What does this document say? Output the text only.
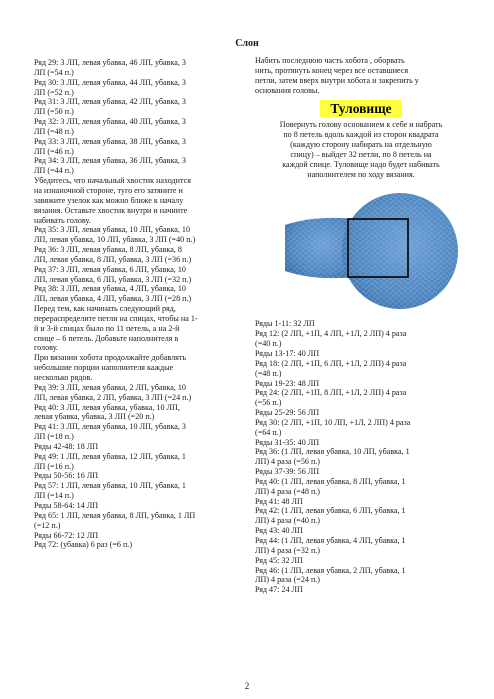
Слон

Ряд 29: 3 ЛП, левая убавка, 46 ЛП, убавка, 3

ЛП (=54 п.)

Ряд 30: 3 ЛП, левая убавка, 44 ЛП, убавка, 3

ЛП (=52 п.)

Ряд 31: 3 ЛП, левая убавка, 42 ЛП, убавка, 3

ЛП (=50 п.)

Ряд 32: 3 ЛП, левая убавка, 40 ЛП, убавка, 3

ЛП (=48 п.)

Ряд 33: 3 ЛП, левая убавка, 38 ЛП, убавка, 3

ЛП (=46 п.)

Ряд 34: 3 ЛП, левая убавка, 36 ЛП, убавка, 3

ЛП (=44 п.)

Убедитесь, что начальный хвостик находится

на изнаночной стороне, туго его затяните и

завяжите узелок как можно ближе к началу

вязания. Оставьте хвостик внутри и начните

набивать голову.

Ряд 35: 3 ЛП, левая убавка, 10 ЛП, убавка, 10

ЛП, левая убавка, 10 ЛП, убавка, 3 ЛП (=40 п.)

Ряд 36: 3 ЛП, левая убавка, 8 ЛП, убавка, 8

ЛП, левая убавка, 8 ЛП, убавка, 3 ЛП (=36 п.)

Ряд 37: 3 ЛП, левая убавка, 6 ЛП, убавка, 10

ЛП, левая убавка, 6 ЛП, убавка, 3 ЛП (=32 п.)

Ряд 38: 3 ЛП, левая убавка, 4 ЛП, убавка, 10

ЛП, левая убавка, 4 ЛП, убавка, 3 ЛП (=28 п.)

Перед тем, как начинать следующий ряд,

перераспределите петли на спицах, чтобы на 1-

й и 3-й спицах было по 11 петель, а на 2-й

спице – 6 петель. Добавьте наполнителя в

голову.

При вязании хобота продолжайте добавлять

небольшие порции наполнителя каждые

несколько рядов.

Ряд 39: 3 ЛП, левая убавка, 2 ЛП, убавка, 10

ЛП, левая убавка, 2 ЛП, убавка, 3 ЛП (=24 п.)

Ряд 40: 3 ЛП, левая убавка, убавка, 10 ЛП,

левая убавка, убавка, 3 ЛП (=20 п.)

Ряд 41: 3 ЛП, левая убавка, 10 ЛП, убавка, 3

ЛП (=18 п.)

Ряды 42-48: 18 ЛП

Ряд 49: 1 ЛП, левая убавка, 12 ЛП, убавка, 1

ЛП (=16 п.)

Ряды 50-56: 16 ЛП

Ряд 57: 1 ЛП, левая убавка, 10 ЛП, убавка, 1

ЛП (=14 п.)

Ряды 58-64: 14 ЛП

Ряд 65: 1 ЛП, левая убавка, 8 ЛП, убавка, 1 ЛП

(=12 п.)

Ряды 66-72: 12 ЛП

Ряд 72: (убавка) 6 раз (=6 п.)

Набить последнюю часть хобота , оборвать

нить, протянуть конец через все оставшиеся

петли, затем вверх внутри хобота и закрепить у

основания головы.

Туловище

Повернуть голову основанием к себе и набрать

по 8 петель вдоль каждой из сторон квадрата

(каждую сторону набирать на отдельную

спицу) – выйдет 32 петли, по 8 петель на

каждой спице. Туловище надо будет набивать

наполнителем по ходу вязания.

Ряды 1-11: 32 ЛП

Ряд 12: (2 ЛП, +1П, 4 ЛП, +1Л, 2 ЛП) 4 раза

(=40 п.)

Ряды 13-17: 40 ЛП

Ряд 18: (2 ЛП, +1П, 6 ЛП, +1Л, 2 ЛП) 4 раза

(=48 п.)

Ряды 19-23: 48 ЛП

Ряд 24: (2 ЛП, +1П, 8 ЛП, +1Л, 2 ЛП) 4 раза

(=56 п.)

Ряды 25-29: 56 ЛП

Ряд 30: (2 ЛП, +1П, 10 ЛП, +1Л, 2 ЛП) 4 раза

(=64 п.)

Ряды 31-35: 40 ЛП

Ряд 36: (1 ЛП, левая убавка, 10 ЛП, убавка, 1

ЛП) 4 раза (=56 п.)

Ряды 37-39: 56 ЛП

Ряд 40: (1 ЛП, левая убавка, 8 ЛП, убавка, 1

ЛП) 4 раза (=48 п.)

Ряд 41: 48 ЛП

Ряд 42: (1 ЛП, левая убавка, 6 ЛП, убавка, 1

ЛП) 4 раза (=40 п.)

Ряд 43: 40 ЛП

Ряд 44: (1 ЛП, левая убавка, 4 ЛП, убавка, 1

ЛП) 4 раза (=32 п.)

Ряд 45: 32 ЛП

Ряд 46: (1 ЛП, левая убавка, 2 ЛП, убавка, 1

ЛП) 4 раза (=24 п.)

Ряд 47: 24 ЛП

2
